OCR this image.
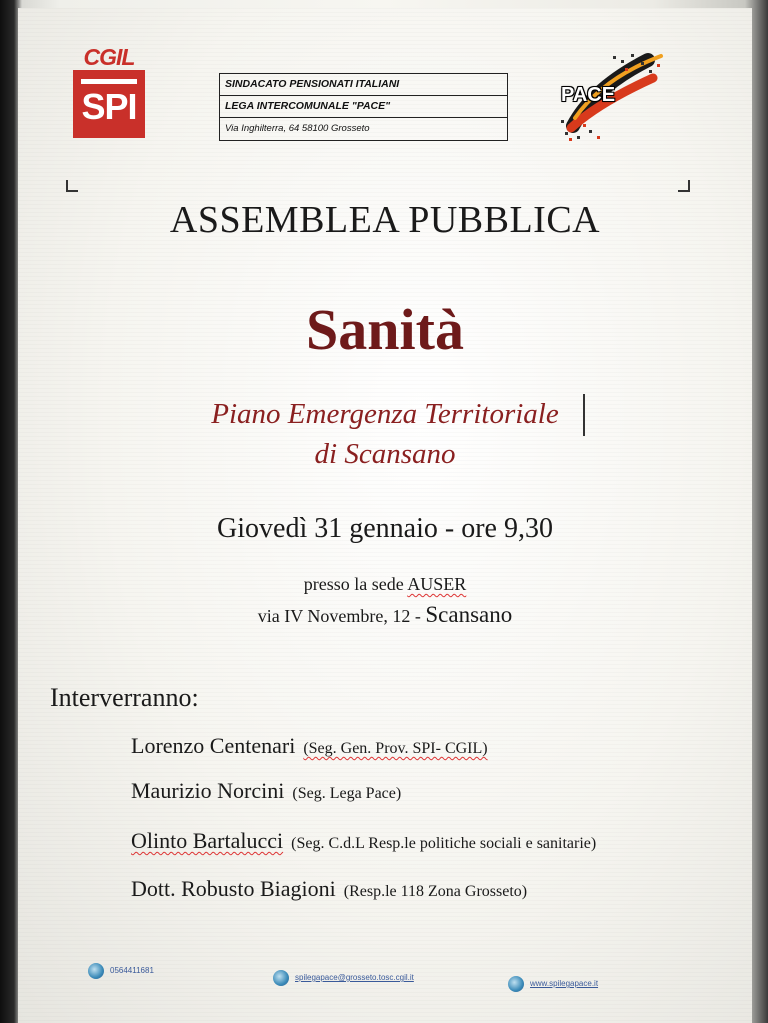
CGIL
SPI
SINDACATO PENSIONATI ITALIANI
LEGA INTERCOMUNALE "PACE"
Via Inghilterra, 64 58100 Grosseto
PACE
ASSEMBLEA PUBBLICA
Sanità
Piano Emergenza Territoriale
di Scansano
Giovedì 31 gennaio - ore 9,30
presso la sede AUSER
via IV Novembre, 12 - Scansano
Interverranno:
Lorenzo Centenari (Seg. Gen. Prov. SPI- CGIL)
Maurizio Norcini (Seg. Lega Pace)
Olinto Bartalucci (Seg. C.d.L Resp.le politiche sociali e sanitarie)
Dott. Robusto Biagioni (Resp.le 118 Zona Grosseto)
0564411681
spilegapace@grosseto.tosc.cgil.it
www.spilegapace.it
